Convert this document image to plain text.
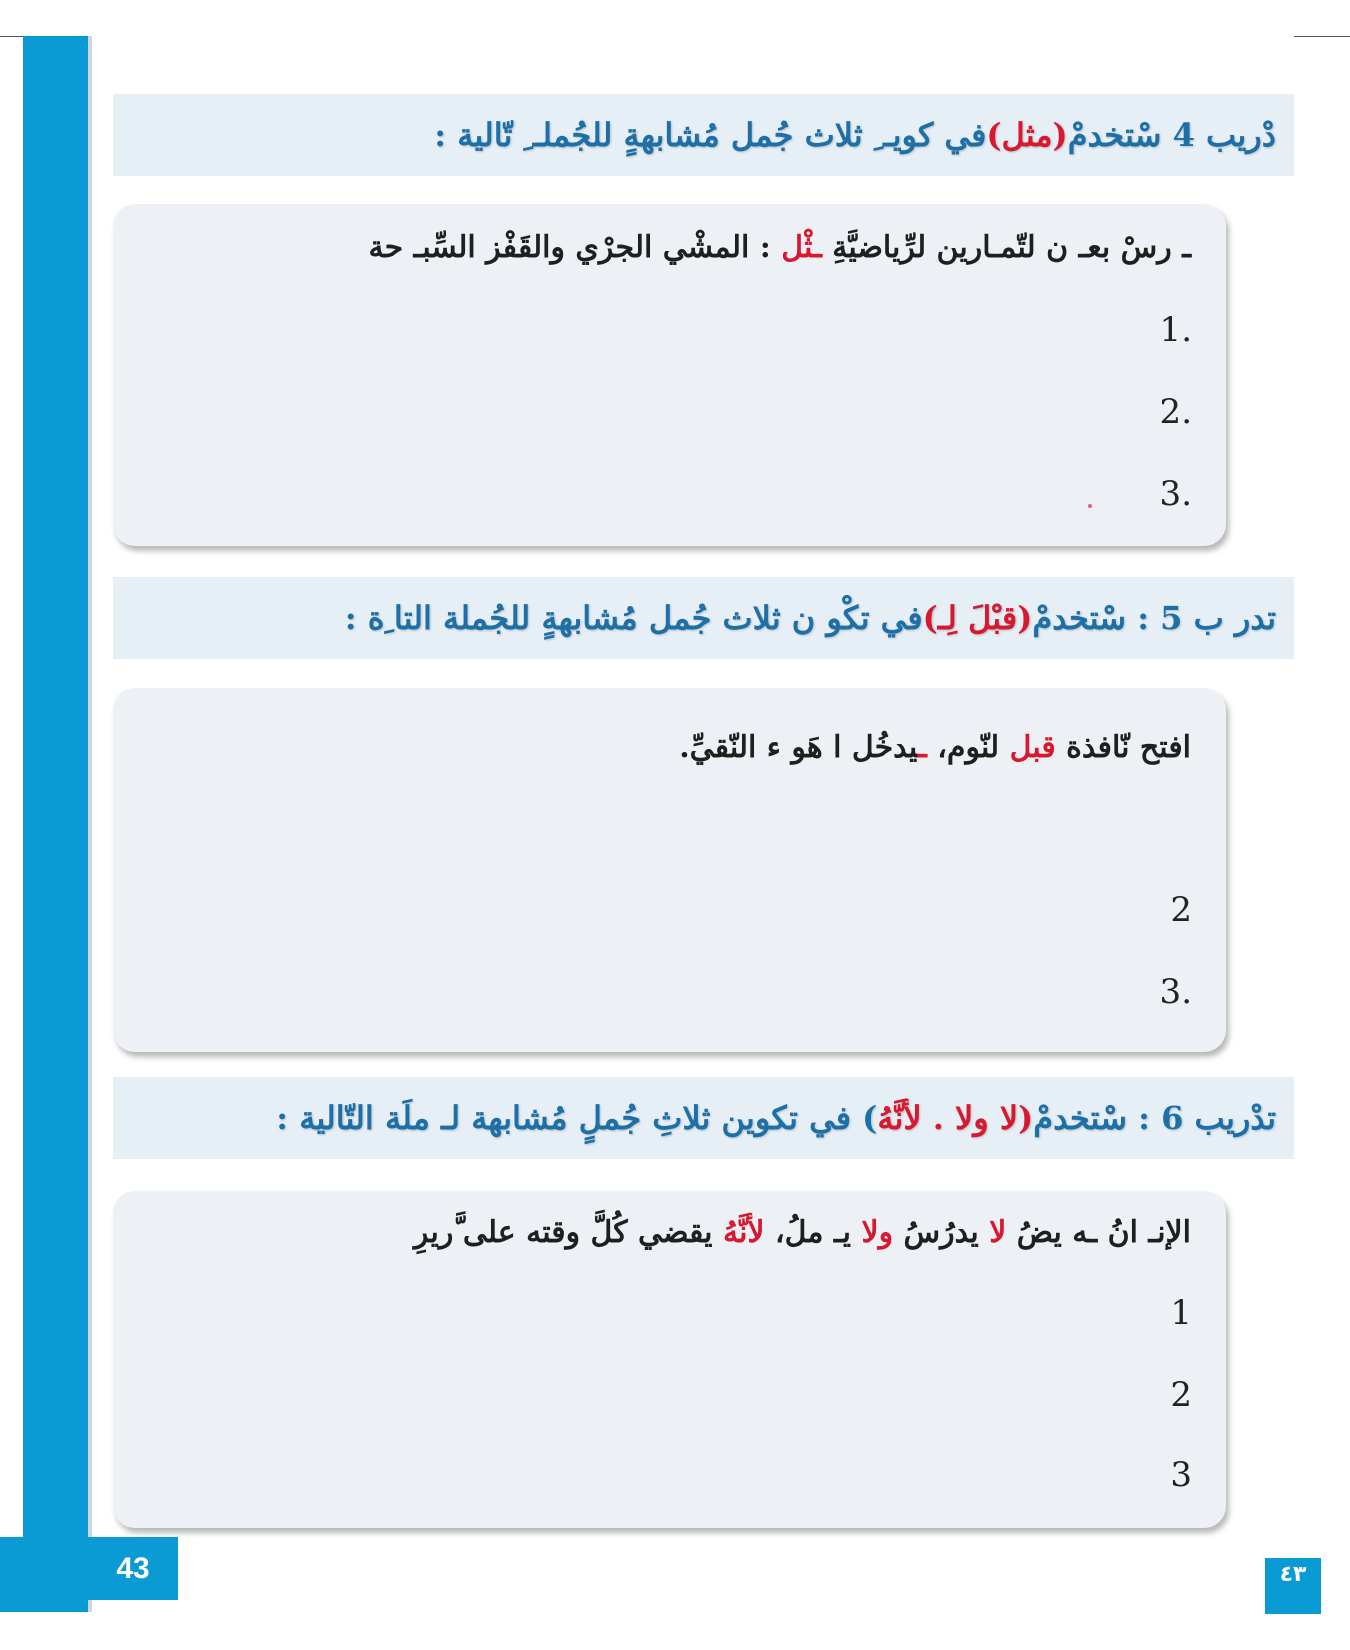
دْريب 4 سْتخدمْ
(مثل)
في كويـ ِ ثلاث جُمل مُشابهةٍ للجُملـ ِ تّالية :
ـ رسْ بعـ ن لتّمـارين لرِّياضيَّةِ ـثْل : المشْي الجرْي والقَفْز السِّبـ حة
.1
.2
.3
تدر ب 5 : سْتخدمْ
(قبْلَ لِـ)
في تكْو ن ثلاث جُمل مُشابهةٍ للجُملة التا ِة :
افتح نّافذة قبل لنّوم، ـيدخُل ا هَو ء النّقيِّ.
2
.3
تدْريب 6 : سْتخدمْ
(لا ولا . لأنَّهُ
) في تكوين ثلاثِ جُملٍ مُشابهة لـ ملَة التّالية :
الإنـ انُ ـه يضُ لا يدرُسُ ولا يـ ملُ، لأنَّهُ يقضي كُلَّ وقته على َّريرِ
1
2
3
43	٤٣
